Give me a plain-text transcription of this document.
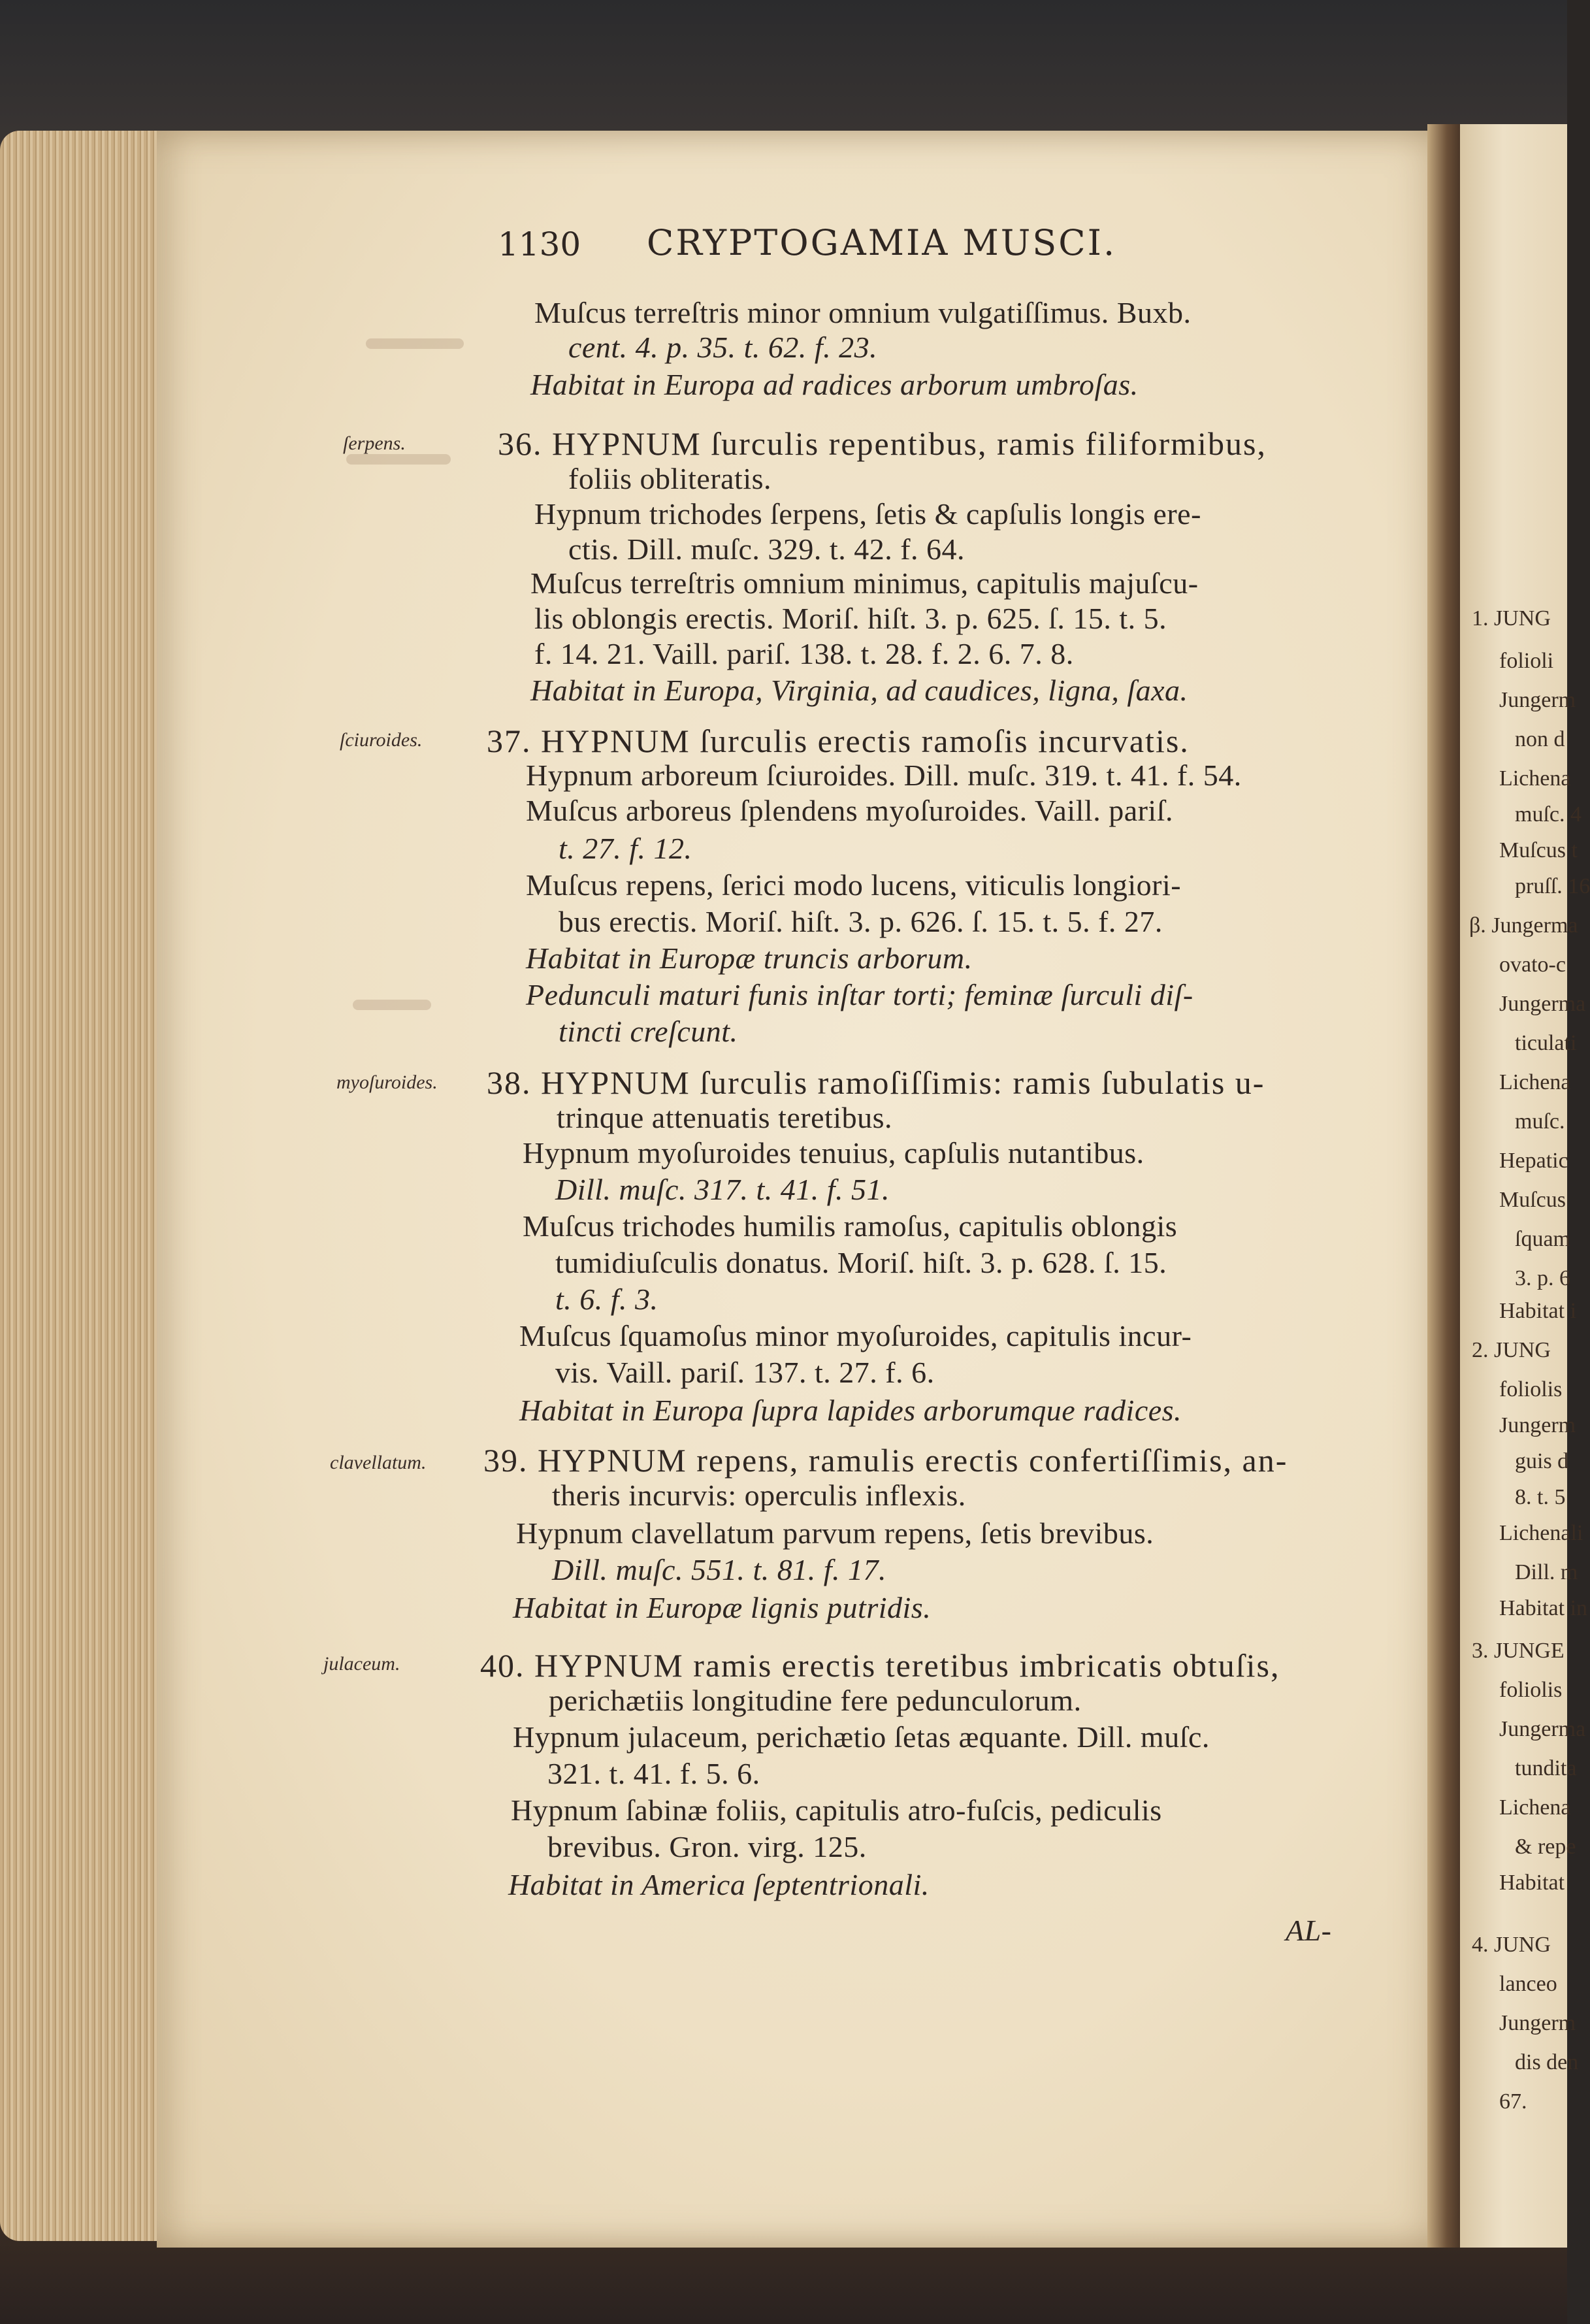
1. JUNG
folioli
Jungerm
non d
Lichena
muſc. 4
Muſcus t
pruſſ. 16
β. Jungerma
ovato-c
Jungerma
ticulati
Lichena
muſc.
Hepatic
Muſcus
ſquam
3. p. 6
Habitat i
2. JUNG
foliolis
Jungerm
guis d
8. t. 5
Lichenali
Dill. m
Habitat in
3. JUNGE
foliolis
Jungerma
tundita
Lichena
& repe
Habitat
4. JUNG
lanceo
Jungerm
dis den
67.
1130 CRYPTOGAMIA MUSCI.
Muſcus terreſtris minor omnium vulgatiſſimus. Buxb.
cent. 4. p. 35. t. 62. f. 23.
Habitat in Europa ad radices arborum umbroſas.
36. HYPNUM ſurculis repentibus, ramis filiformibus,
foliis obliteratis.
Hypnum trichodes ſerpens, ſetis & capſulis longis ere-
ctis. Dill. muſc. 329. t. 42. f. 64.
Muſcus terreſtris omnium minimus, capitulis majuſcu-
lis oblongis erectis. Moriſ. hiſt. 3. p. 625. ſ. 15. t. 5.
f. 14. 21. Vaill. pariſ. 138. t. 28. f. 2. 6. 7. 8.
Habitat in Europa, Virginia, ad caudices, ligna, ſaxa.
37. HYPNUM ſurculis erectis ramoſis incurvatis.
Hypnum arboreum ſciuroides. Dill. muſc. 319. t. 41. f. 54.
Muſcus arboreus ſplendens myoſuroides. Vaill. pariſ.
t. 27. f. 12.
Muſcus repens, ſerici modo lucens, viticulis longiori-
bus erectis. Moriſ. hiſt. 3. p. 626. ſ. 15. t. 5. f. 27.
Habitat in Europæ truncis arborum.
Pedunculi maturi funis inſtar torti; feminæ ſurculi diſ-
tincti creſcunt.
38. HYPNUM ſurculis ramoſiſſimis: ramis ſubulatis u-
trinque attenuatis teretibus.
Hypnum myoſuroides tenuius, capſulis nutantibus.
Dill. muſc. 317. t. 41. f. 51.
Muſcus trichodes humilis ramoſus, capitulis oblongis
tumidiuſculis donatus. Moriſ. hiſt. 3. p. 628. ſ. 15.
t. 6. f. 3.
Muſcus ſquamoſus minor myoſuroides, capitulis incur-
vis. Vaill. pariſ. 137. t. 27. f. 6.
Habitat in Europa ſupra lapides arborumque radices.
39. HYPNUM repens, ramulis erectis confertiſſimis, an-
theris incurvis: operculis inflexis.
Hypnum clavellatum parvum repens, ſetis brevibus.
Dill. muſc. 551. t. 81. f. 17.
Habitat in Europæ lignis putridis.
40. HYPNUM ramis erectis teretibus imbricatis obtuſis,
perichætiis longitudine fere pedunculorum.
Hypnum julaceum, perichætio ſetas æquante. Dill. muſc.
321. t. 41. f. 5. 6.
Hypnum ſabinæ foliis, capitulis atro-fuſcis, pediculis
brevibus. Gron. virg. 125.
Habitat in America ſeptentrionali.
AL-
ſerpens.
ſciuroides.
myoſuroides.
clavellatum.
julaceum.
